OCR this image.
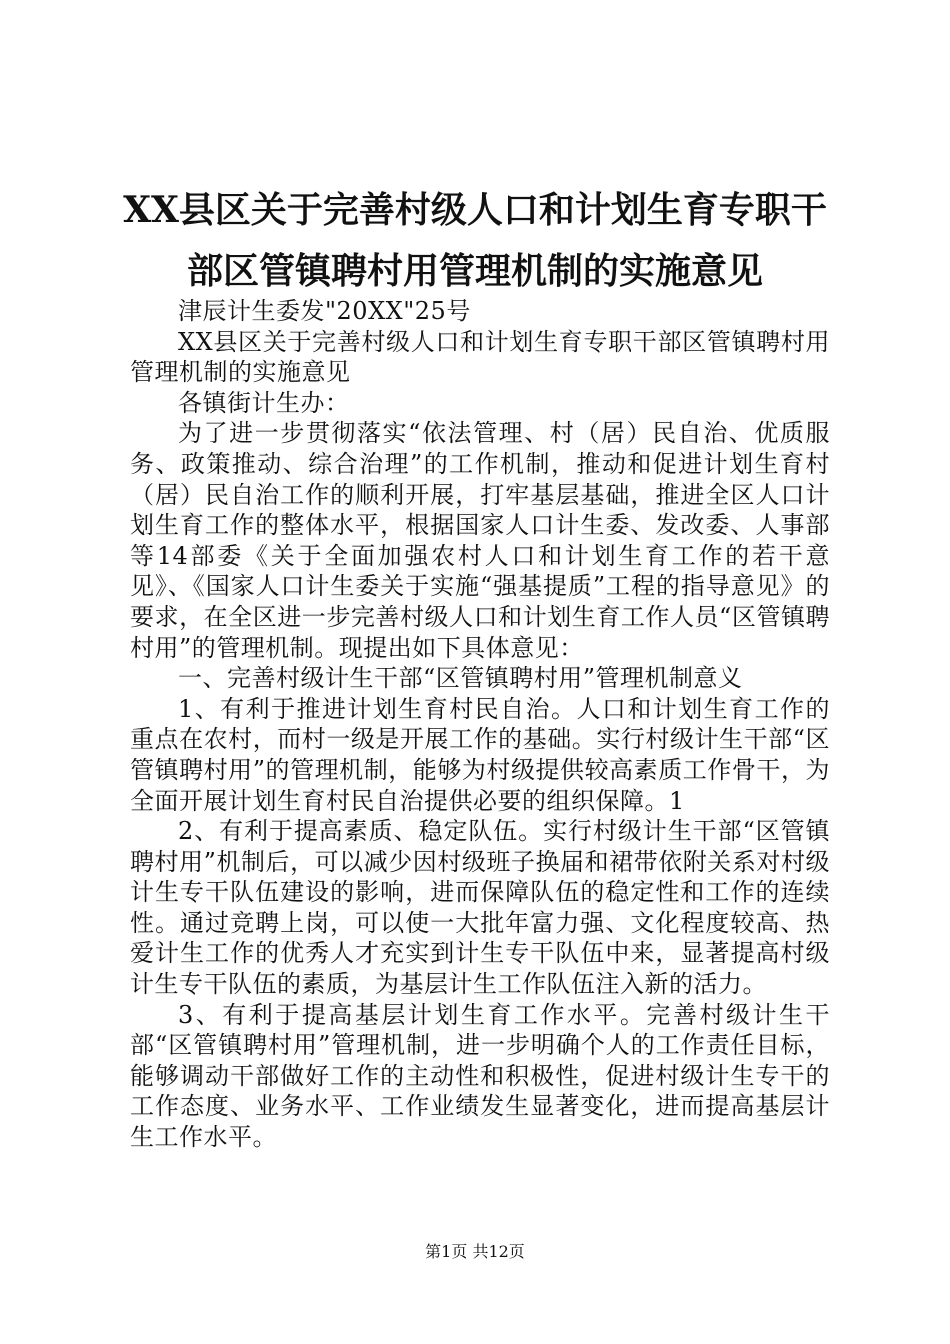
XX县区关于完善村级人口和计划生育专职干部区管镇聘村用管理机制的实施意见

津辰计生委发"20XX"25号

XX县区关于完善村级人口和计划生育专职干部区管镇聘村用管理机制的实施意见

各镇街计生办：

为了进一步贯彻落实“依法管理、村（居）民自治、优质服务、政策推动、综合治理”的工作机制，推动和促进计划生育村（居）民自治工作的顺利开展，打牢基层基础，推进全区人口计划生育工作的整体水平，根据国家人口计生委、发改委、人事部等14部委《关于全面加强农村人口和计划生育工作的若干意见》、《国家人口计生委关于实施“强基提质”工程的指导意见》的要求，在全区进一步完善村级人口和计划生育工作人员“区管镇聘村用”的管理机制。现提出如下具体意见：

一、完善村级计生干部“区管镇聘村用”管理机制意义

1、有利于推进计划生育村民自治。人口和计划生育工作的重点在农村，而村一级是开展工作的基础。实行村级计生干部“区管镇聘村用”的管理机制，能够为村级提供较高素质工作骨干，为全面开展计划生育村民自治提供必要的组织保障。1

2、有利于提高素质、稳定队伍。实行村级计生干部“区管镇聘村用”机制后，可以减少因村级班子换届和裙带依附关系对村级计生专干队伍建设的影响，进而保障队伍的稳定性和工作的连续性。通过竞聘上岗，可以使一大批年富力强、文化程度较高、热爱计生工作的优秀人才充实到计生专干队伍中来，显著提高村级计生专干队伍的素质，为基层计生工作队伍注入新的活力。

3、有利于提高基层计划生育工作水平。完善村级计生干部“区管镇聘村用”管理机制，进一步明确个人的工作责任目标，能够调动干部做好工作的主动性和积极性，促进村级计生专干的工作态度、业务水平、工作业绩发生显著变化，进而提高基层计生工作水平。

第1页 共12页
